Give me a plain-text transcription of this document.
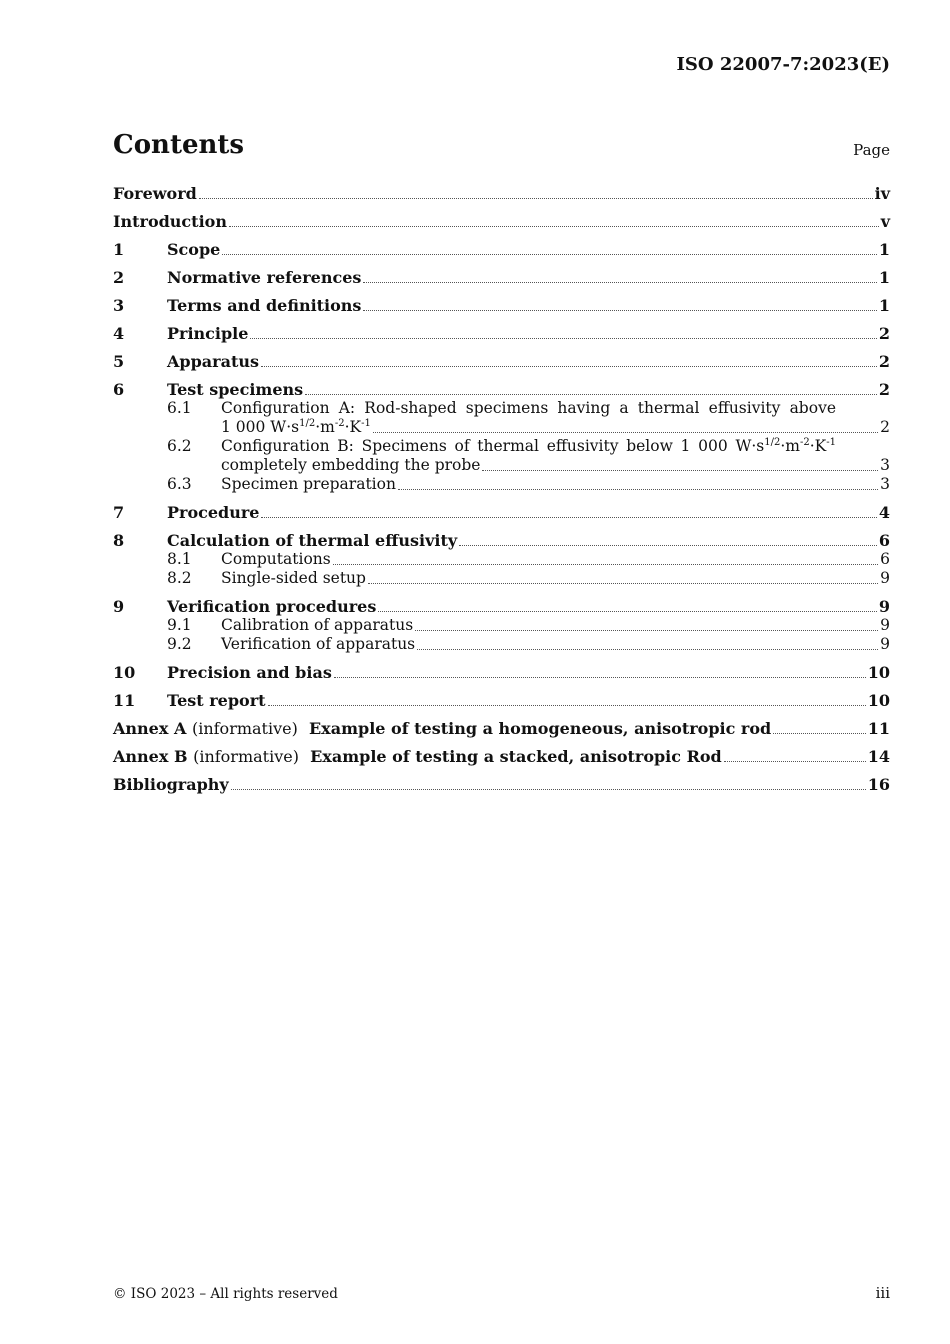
ISO 22007-7:2023(E)
Contents	Page
Foreword	iv
Introduction	v
1	Scope	1
2	Normative references	1
3	Terms and definitions	1
4	Principle	2
5	Apparatus	2
6	Test specimens	2
6.1	Configuration A: Rod-shaped specimens having a thermal effusivity above
1 000 $W\cdot s^{1/2}\cdot m^{-2}\cdot K^{-1}$	2
6.2	Configuration B: Specimens of thermal effusivity below 1 000 $W\cdot s^{1/2}\cdot m^{-2}\cdot K^{-1}$
completely embedding the probe	3
6.3	Specimen preparation	3
7	Procedure	4
8	Calculation of thermal effusivity	6
8.1	Computations	6
8.2	Single-sided setup	9
9	Verification procedures	9
9.1	Calibration of apparatus	9
9.2	Verification of apparatus	9
10	Precision and bias	10
11	Test report	10
Annex A (informative) Example of testing a homogeneous, anisotropic rod	11
Annex B (informative) Example of testing a stacked, anisotropic Rod	14
Bibliography	16
© ISO 2023 – All rights reserved	iii
